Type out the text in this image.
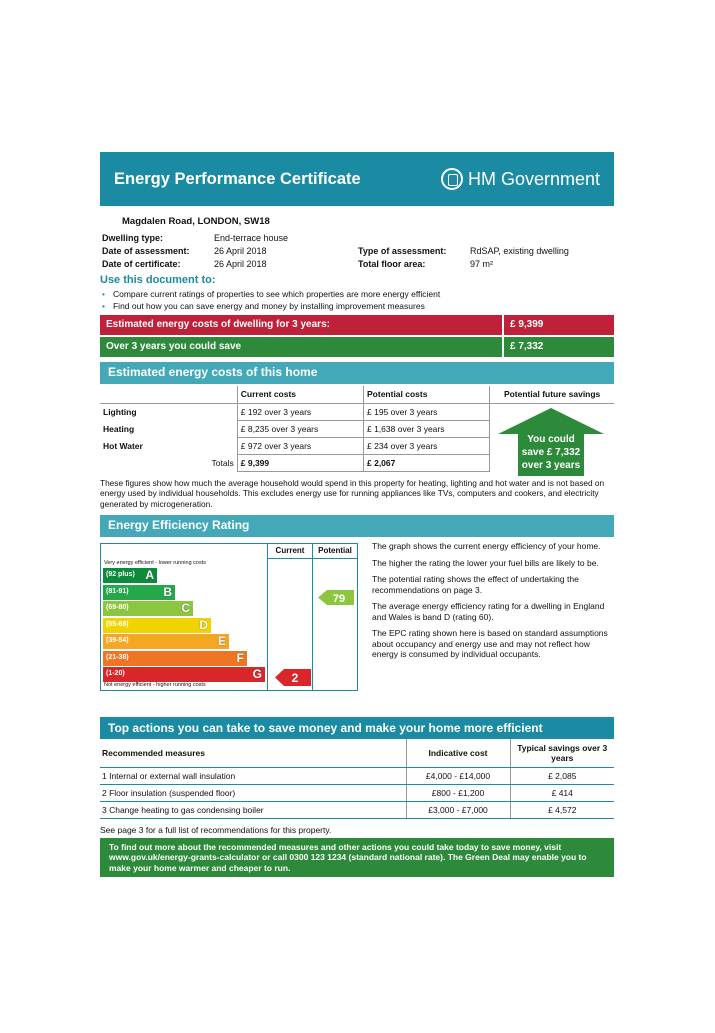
Energy Performance Certificate	HM Government
Magdalen Road, LONDON, SW18
Dwelling type:	End-terrace house
Date of assessment:	26 April 2018
Date of certificate:	26 April 2018
Type of assessment:	RdSAP, existing dwelling
Total floor area:	97 m²
Use this document to:
• Compare current ratings of properties to see which properties are more energy efficient
• Find out how you can save energy and money by installing improvement measures
Estimated energy costs of dwelling for 3 years:	£ 9,399
Over 3 years you could save	£ 7,332
Estimated energy costs of this home
	Current costs	Potential costs	Potential future savings
Lighting	£ 192 over 3 years	£ 195 over 3 years	You could
save £ 7,332
over 3 years

Heating	£ 8,235 over 3 years	£ 1,638 over 3 years	
Hot Water	£ 972 over 3 years	£ 234 over 3 years	
Totals	£ 9,399	£ 2,067	
These figures show how much the average household would spend in this property for heating, lighting and hot water and is not based on energy used by individual households. This excludes energy use for running appliances like TVs, computers and cookers, and electricity generated by microgeneration.
Energy Efficiency Rating
Current	Potential
Very energy efficient - lower running costs
(92 plus) A
(81-91)	B
(69-80)	C
(55-68)	D
(39-54)	E
(21-38)	F
(1-20)	G
Not energy efficient - higher running costs	2
79

The graph shows the current energy efficiency of your home.

The higher the rating the lower your fuel bills are likely to be.

The potential rating shows the effect of undertaking the recommendations on page 3.

The average energy efficiency rating for a dwelling in England and Wales is band D (rating 60).

The EPC rating shown here is based on standard assumptions about occupancy and energy use and may not reflect how energy is consumed by individual occupants.

Top actions you can take to save money and make your home more efficient
Recommended measures	Indicative cost	Typical savings over 3 years
1 Internal or external wall insulation	£4,000 - £14,000	£ 2,085
2 Floor insulation (suspended floor)	£800 - £1,200	£ 414
3 Change heating to gas condensing boiler	£3,000 - £7,000	£ 4,572
See page 3 for a full list of recommendations for this property.
To find out more about the recommended measures and other actions you could take today to save money, visit www.gov.uk/energy-grants-calculator or call 0300 123 1234 (standard national rate). The Green Deal may enable you to make your home warmer and cheaper to run.
